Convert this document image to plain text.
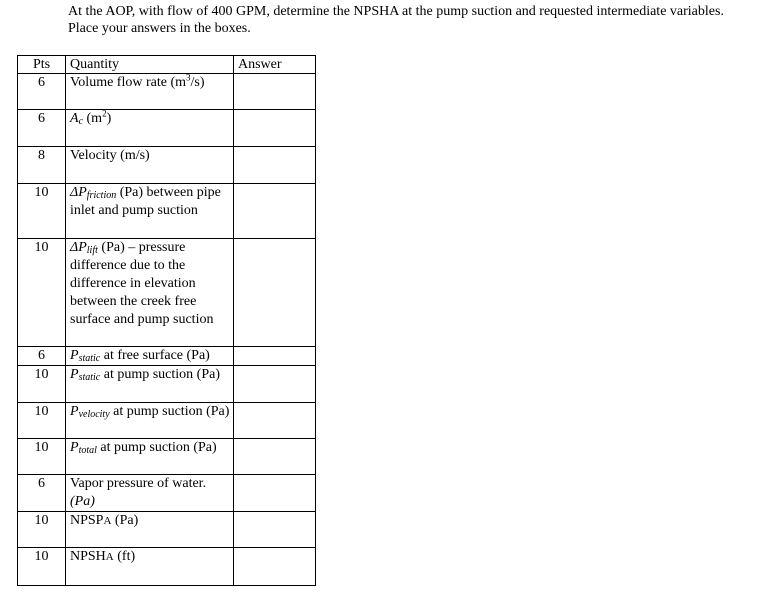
At the AOP, with flow of 400 GPM, determine the NPSHA at the pump suction and requested intermediate variables. Place your answers in the boxes.

Pts	Quantity	Answer
6	Volume flow rate $(m^3/s)$	
6	$A_c$ $(m^2)$	
8	Velocity (m/s)	
10	$\Delta P_{friction}$ (Pa) between pipe inlet and pump suction	
10	$\Delta P_{lift}$ (Pa) – pressure difference due to the difference in elevation between the creek free surface and pump suction	
6	$P_{static}$ at free surface (Pa)	
10	$P_{static}$ at pump suction (Pa)	
10	$P_{velocity}$ at pump suction (Pa)	
10	$P_{total}$ at pump suction (Pa)	
6	Vapor pressure of water. (Pa)	
10	NPSPA (Pa)	
10	NPSHA (ft)	
